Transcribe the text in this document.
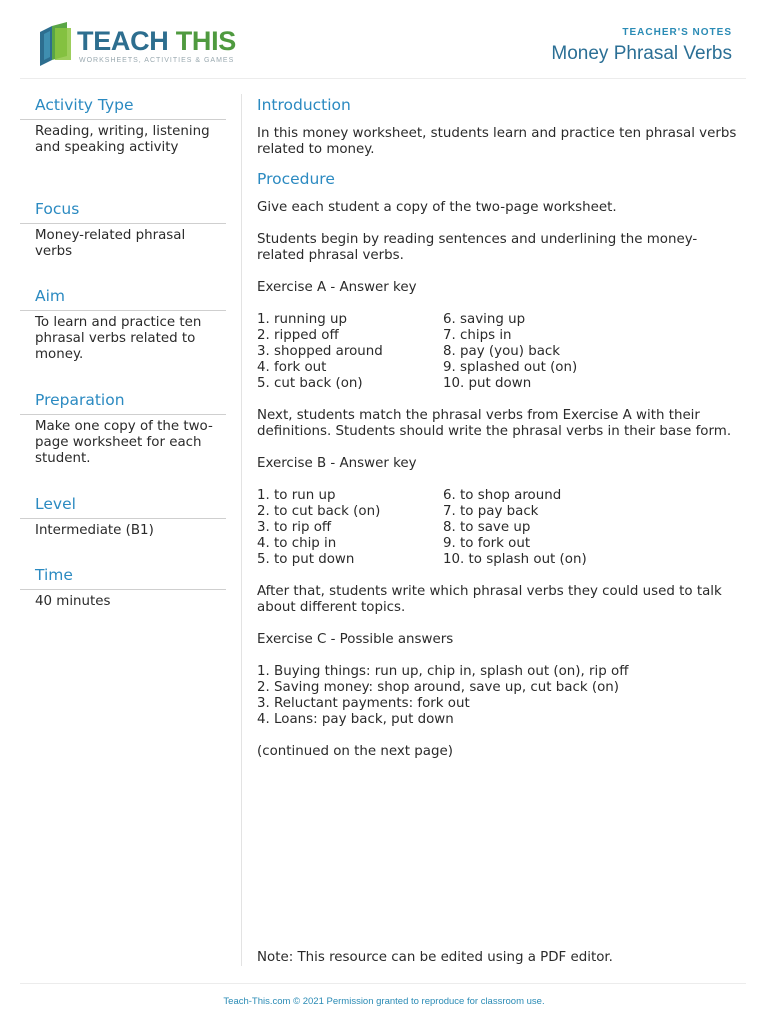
TEACH THIS
WORKSHEETS, ACTIVITIES & GAMES
TEACHER'S NOTES
Money Phrasal Verbs
Activity Type
Reading, writing, listening and speaking activity
Focus
Money-related phrasal verbs
Aim
To learn and practice ten phrasal verbs related to money.
Preparation
Make one copy of the two-page worksheet for each student.
Level
Intermediate (B1)
Time
40 minutes
Introduction

In this money worksheet, students learn and practice ten phrasal verbs related to money.

Procedure

Give each student a copy of the two-page worksheet.

Students begin by reading sentences and underlining the money-related phrasal verbs.

Exercise A - Answer key

1. running up
2. ripped off
3. shopped around
4. fork out
5. cut back (on)
6. saving up
7. chips in
8. pay (you) back
9. splashed out (on)
10. put down

Next, students match the phrasal verbs from Exercise A with their definitions. Students should write the phrasal verbs in their base form.

Exercise B - Answer key

1. to run up
2. to cut back (on)
3. to rip off
4. to chip in
5. to put down
6. to shop around
7. to pay back
8. to save up
9. to fork out
10. to splash out (on)

After that, students write which phrasal verbs they could used to talk about different topics.

Exercise C - Possible answers

1. Buying things: run up, chip in, splash out (on), rip off
2. Saving money: shop around, save up, cut back (on)
3. Reluctant payments: fork out
4. Loans: pay back, put down

(continued on the next page)

Note: This resource can be edited using a PDF editor.
Teach-This.com © 2021 Permission granted to reproduce for classroom use.
